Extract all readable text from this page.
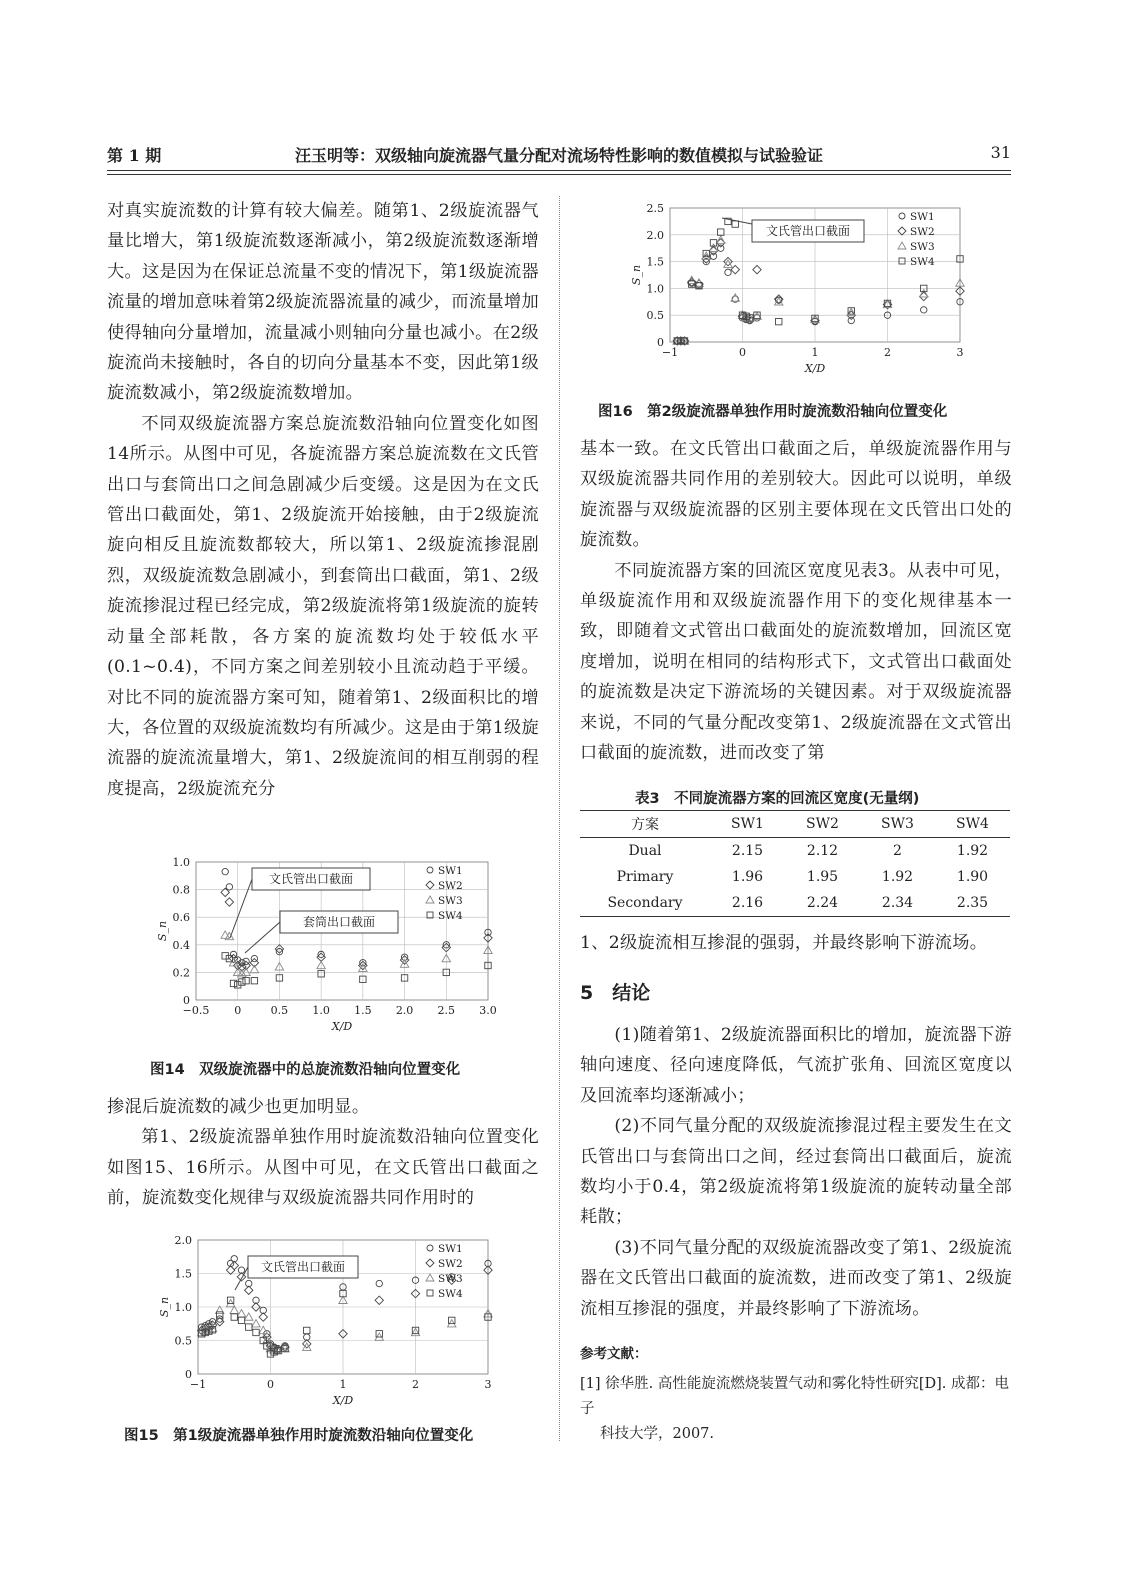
第 1 期	汪玉明等：双级轴向旋流器气量分配对流场特性影响的数值模拟与试验验证	31

对真实旋流数的计算有较大偏差。随第1、2级旋流器气量比增大，第1级旋流数逐渐减小，第2级旋流数逐渐增大。这是因为在保证总流量不变的情况下，第1级旋流器流量的增加意味着第2级旋流器流量的减少，而流量增加使得轴向分量增加，流量减小则轴向分量也减小。在2级旋流尚未接触时，各自的切向分量基本不变，因此第1级旋流数减小，第2级旋流数增加。

不同双级旋流器方案总旋流数沿轴向位置变化如图14所示。从图中可见，各旋流器方案总旋流数在文氏管出口与套筒出口之间急剧减少后变缓。这是因为在文氏管出口截面处，第1、2级旋流开始接触，由于2级旋流旋向相反且旋流数都较大，所以第1、2级旋流掺混剧烈，双级旋流数急剧减小，到套筒出口截面，第1、2级旋流掺混过程已经完成，第2级旋流将第1级旋流的旋转动量全部耗散，各方案的旋流数均处于较低水平(0.1~0.4)，不同方案之间差别较小且流动趋于平缓。对比不同的旋流器方案可知，随着第1、2级面积比的增大，各位置的双级旋流数均有所减少。这是由于第1级旋流器的旋流流量增大，第1、2级旋流间的相互削弱的程度提高，2级旋流充分

−0.5 0	0.5 1.0 1.5 2.0 2.5 3.0
0
0.2
0.4
0.6
0.8
1.0
X/D
S_n
SW1
SW2
SW3
SW4
文氏管出口截面
套筒出口截面
图14　双级旋流器中的总旋流数沿轴向位置变化

掺混后旋流数的减少也更加明显。

第1、2级旋流器单独作用时旋流数沿轴向位置变化如图15、16所示。从图中可见，在文氏管出口截面之前，旋流数变化规律与双级旋流器共同作用时的

−1	0	1	2	3
0
0.5
1.0
1.5
2.0
X/D
S_n
SW1
SW2
SW3
SW4
文氏管出口截面
图15　第1级旋流器单独作用时旋流数沿轴向位置变化
−1	0	1	2	3
0
0.5
1.0
1.5
2.0
2.5
X/D
S_n
SW1
SW2
SW3
SW4
文氏管出口截面
图16　第2级旋流器单独作用时旋流数沿轴向位置变化

基本一致。在文氏管出口截面之后，单级旋流器作用与双级旋流器共同作用的差别较大。因此可以说明，单级旋流器与双级旋流器的区别主要体现在文氏管出口处的旋流数。

不同旋流器方案的回流区宽度见表3。从表中可见，单级旋流作用和双级旋流器作用下的变化规律基本一致，即随着文式管出口截面处的旋流数增加，回流区宽度增加，说明在相同的结构形式下，文式管出口截面处的旋流数是决定下游流场的关键因素。对于双级旋流器来说，不同的气量分配改变第1、2级旋流器在文式管出口截面的旋流数，进而改变了第

表3　不同旋流器方案的回流区宽度(无量纲)
方案	SW1	SW2	SW3	SW4
Dual	2.15	2.12	2	1.92
Primary	1.96	1.95	1.92	1.90
Secondary	2.16	2.24	2.34	2.35

1、2级旋流相互掺混的强弱，并最终影响下游流场。

5　结论

(1)随着第1、2级旋流器面积比的增加，旋流器下游轴向速度、径向速度降低，气流扩张角、回流区宽度以及回流率均逐渐减小；

(2)不同气量分配的双级旋流掺混过程主要发生在文氏管出口与套筒出口之间，经过套筒出口截面后，旋流数均小于0.4，第2级旋流将第1级旋流的旋转动量全部耗散；

(3)不同气量分配的双级旋流器改变了第1、2级旋流器在文氏管出口截面的旋流数，进而改变了第1、2级旋流相互掺混的强度，并最终影响了下游流场。

参考文献：
[1] 徐华胜. 高性能旋流燃烧装置气动和雾化特性研究[D]. 成都：电子
科技大学，2007.
